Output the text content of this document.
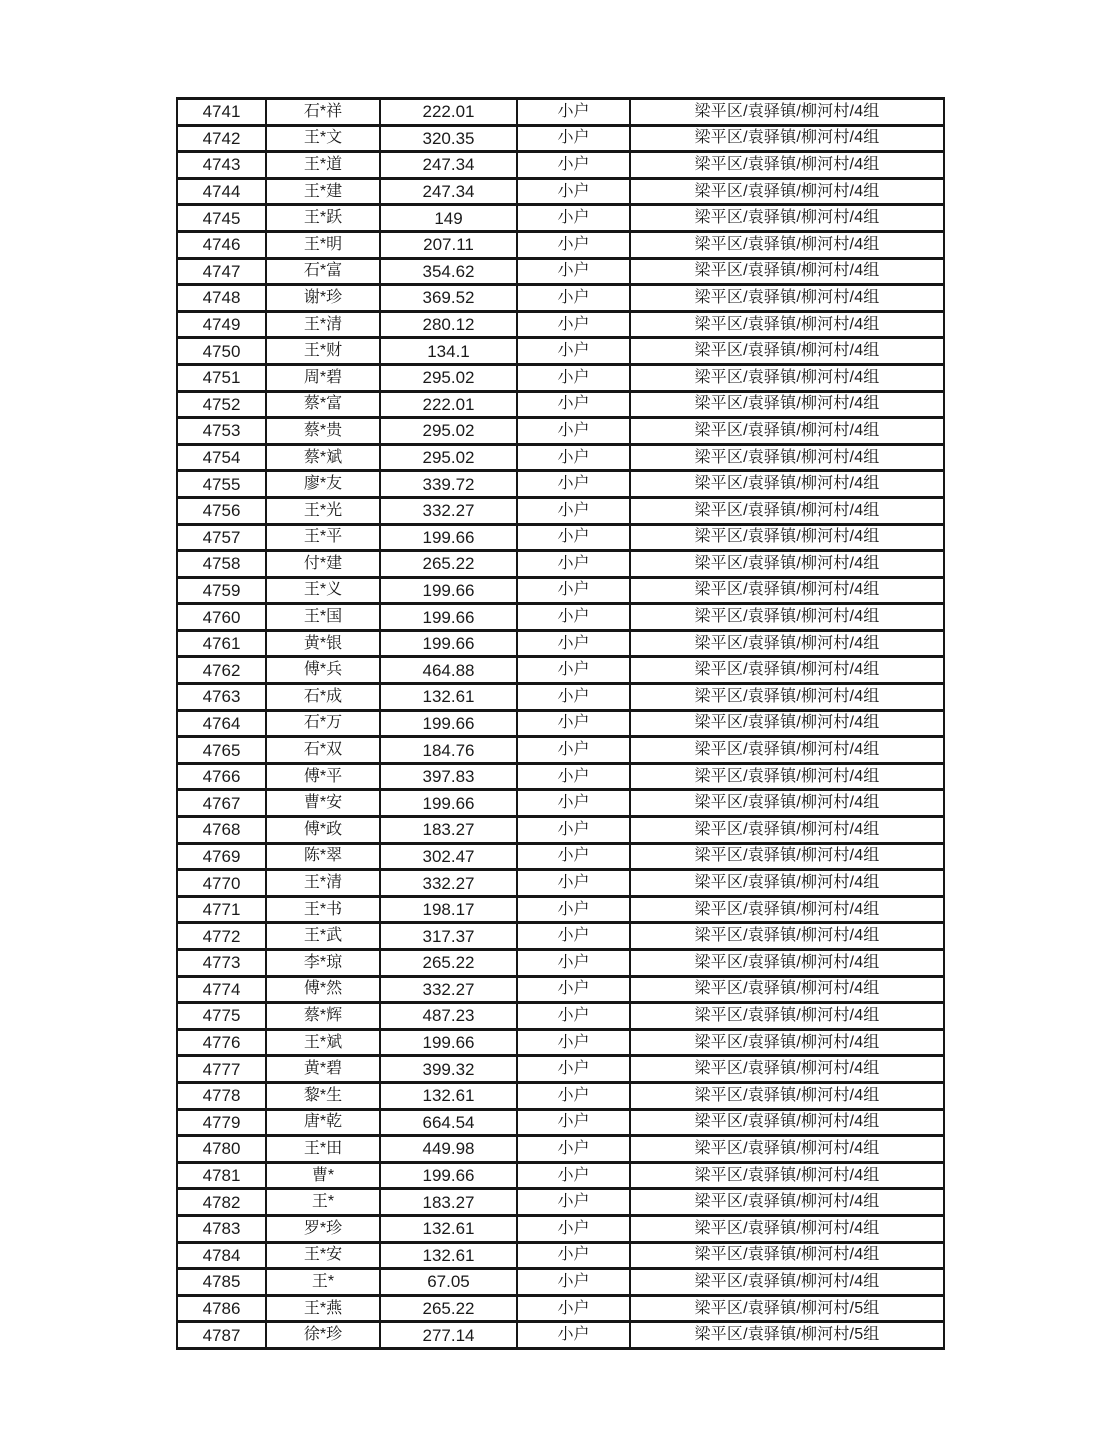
4741	石*祥	222.01	小户	梁平区/袁驿镇/柳河村/4组
4742	王*文	320.35	小户	梁平区/袁驿镇/柳河村/4组
4743	王*道	247.34	小户	梁平区/袁驿镇/柳河村/4组
4744	王*建	247.34	小户	梁平区/袁驿镇/柳河村/4组
4745	王*跃	149	小户	梁平区/袁驿镇/柳河村/4组
4746	王*明	207.11	小户	梁平区/袁驿镇/柳河村/4组
4747	石*富	354.62	小户	梁平区/袁驿镇/柳河村/4组
4748	谢*珍	369.52	小户	梁平区/袁驿镇/柳河村/4组
4749	王*清	280.12	小户	梁平区/袁驿镇/柳河村/4组
4750	王*财	134.1	小户	梁平区/袁驿镇/柳河村/4组
4751	周*碧	295.02	小户	梁平区/袁驿镇/柳河村/4组
4752	蔡*富	222.01	小户	梁平区/袁驿镇/柳河村/4组
4753	蔡*贵	295.02	小户	梁平区/袁驿镇/柳河村/4组
4754	蔡*斌	295.02	小户	梁平区/袁驿镇/柳河村/4组
4755	廖*友	339.72	小户	梁平区/袁驿镇/柳河村/4组
4756	王*光	332.27	小户	梁平区/袁驿镇/柳河村/4组
4757	王*平	199.66	小户	梁平区/袁驿镇/柳河村/4组
4758	付*建	265.22	小户	梁平区/袁驿镇/柳河村/4组
4759	王*义	199.66	小户	梁平区/袁驿镇/柳河村/4组
4760	王*国	199.66	小户	梁平区/袁驿镇/柳河村/4组
4761	黄*银	199.66	小户	梁平区/袁驿镇/柳河村/4组
4762	傅*兵	464.88	小户	梁平区/袁驿镇/柳河村/4组
4763	石*成	132.61	小户	梁平区/袁驿镇/柳河村/4组
4764	石*万	199.66	小户	梁平区/袁驿镇/柳河村/4组
4765	石*双	184.76	小户	梁平区/袁驿镇/柳河村/4组
4766	傅*平	397.83	小户	梁平区/袁驿镇/柳河村/4组
4767	曹*安	199.66	小户	梁平区/袁驿镇/柳河村/4组
4768	傅*政	183.27	小户	梁平区/袁驿镇/柳河村/4组
4769	陈*翠	302.47	小户	梁平区/袁驿镇/柳河村/4组
4770	王*清	332.27	小户	梁平区/袁驿镇/柳河村/4组
4771	王*书	198.17	小户	梁平区/袁驿镇/柳河村/4组
4772	王*武	317.37	小户	梁平区/袁驿镇/柳河村/4组
4773	李*琼	265.22	小户	梁平区/袁驿镇/柳河村/4组
4774	傅*然	332.27	小户	梁平区/袁驿镇/柳河村/4组
4775	蔡*辉	487.23	小户	梁平区/袁驿镇/柳河村/4组
4776	王*斌	199.66	小户	梁平区/袁驿镇/柳河村/4组
4777	黄*碧	399.32	小户	梁平区/袁驿镇/柳河村/4组
4778	黎*生	132.61	小户	梁平区/袁驿镇/柳河村/4组
4779	唐*乾	664.54	小户	梁平区/袁驿镇/柳河村/4组
4780	王*田	449.98	小户	梁平区/袁驿镇/柳河村/4组
4781	曹*	199.66	小户	梁平区/袁驿镇/柳河村/4组
4782	王*	183.27	小户	梁平区/袁驿镇/柳河村/4组
4783	罗*珍	132.61	小户	梁平区/袁驿镇/柳河村/4组
4784	王*安	132.61	小户	梁平区/袁驿镇/柳河村/4组
4785	王*	67.05	小户	梁平区/袁驿镇/柳河村/4组
4786	王*燕	265.22	小户	梁平区/袁驿镇/柳河村/5组
4787	徐*珍	277.14	小户	梁平区/袁驿镇/柳河村/5组
